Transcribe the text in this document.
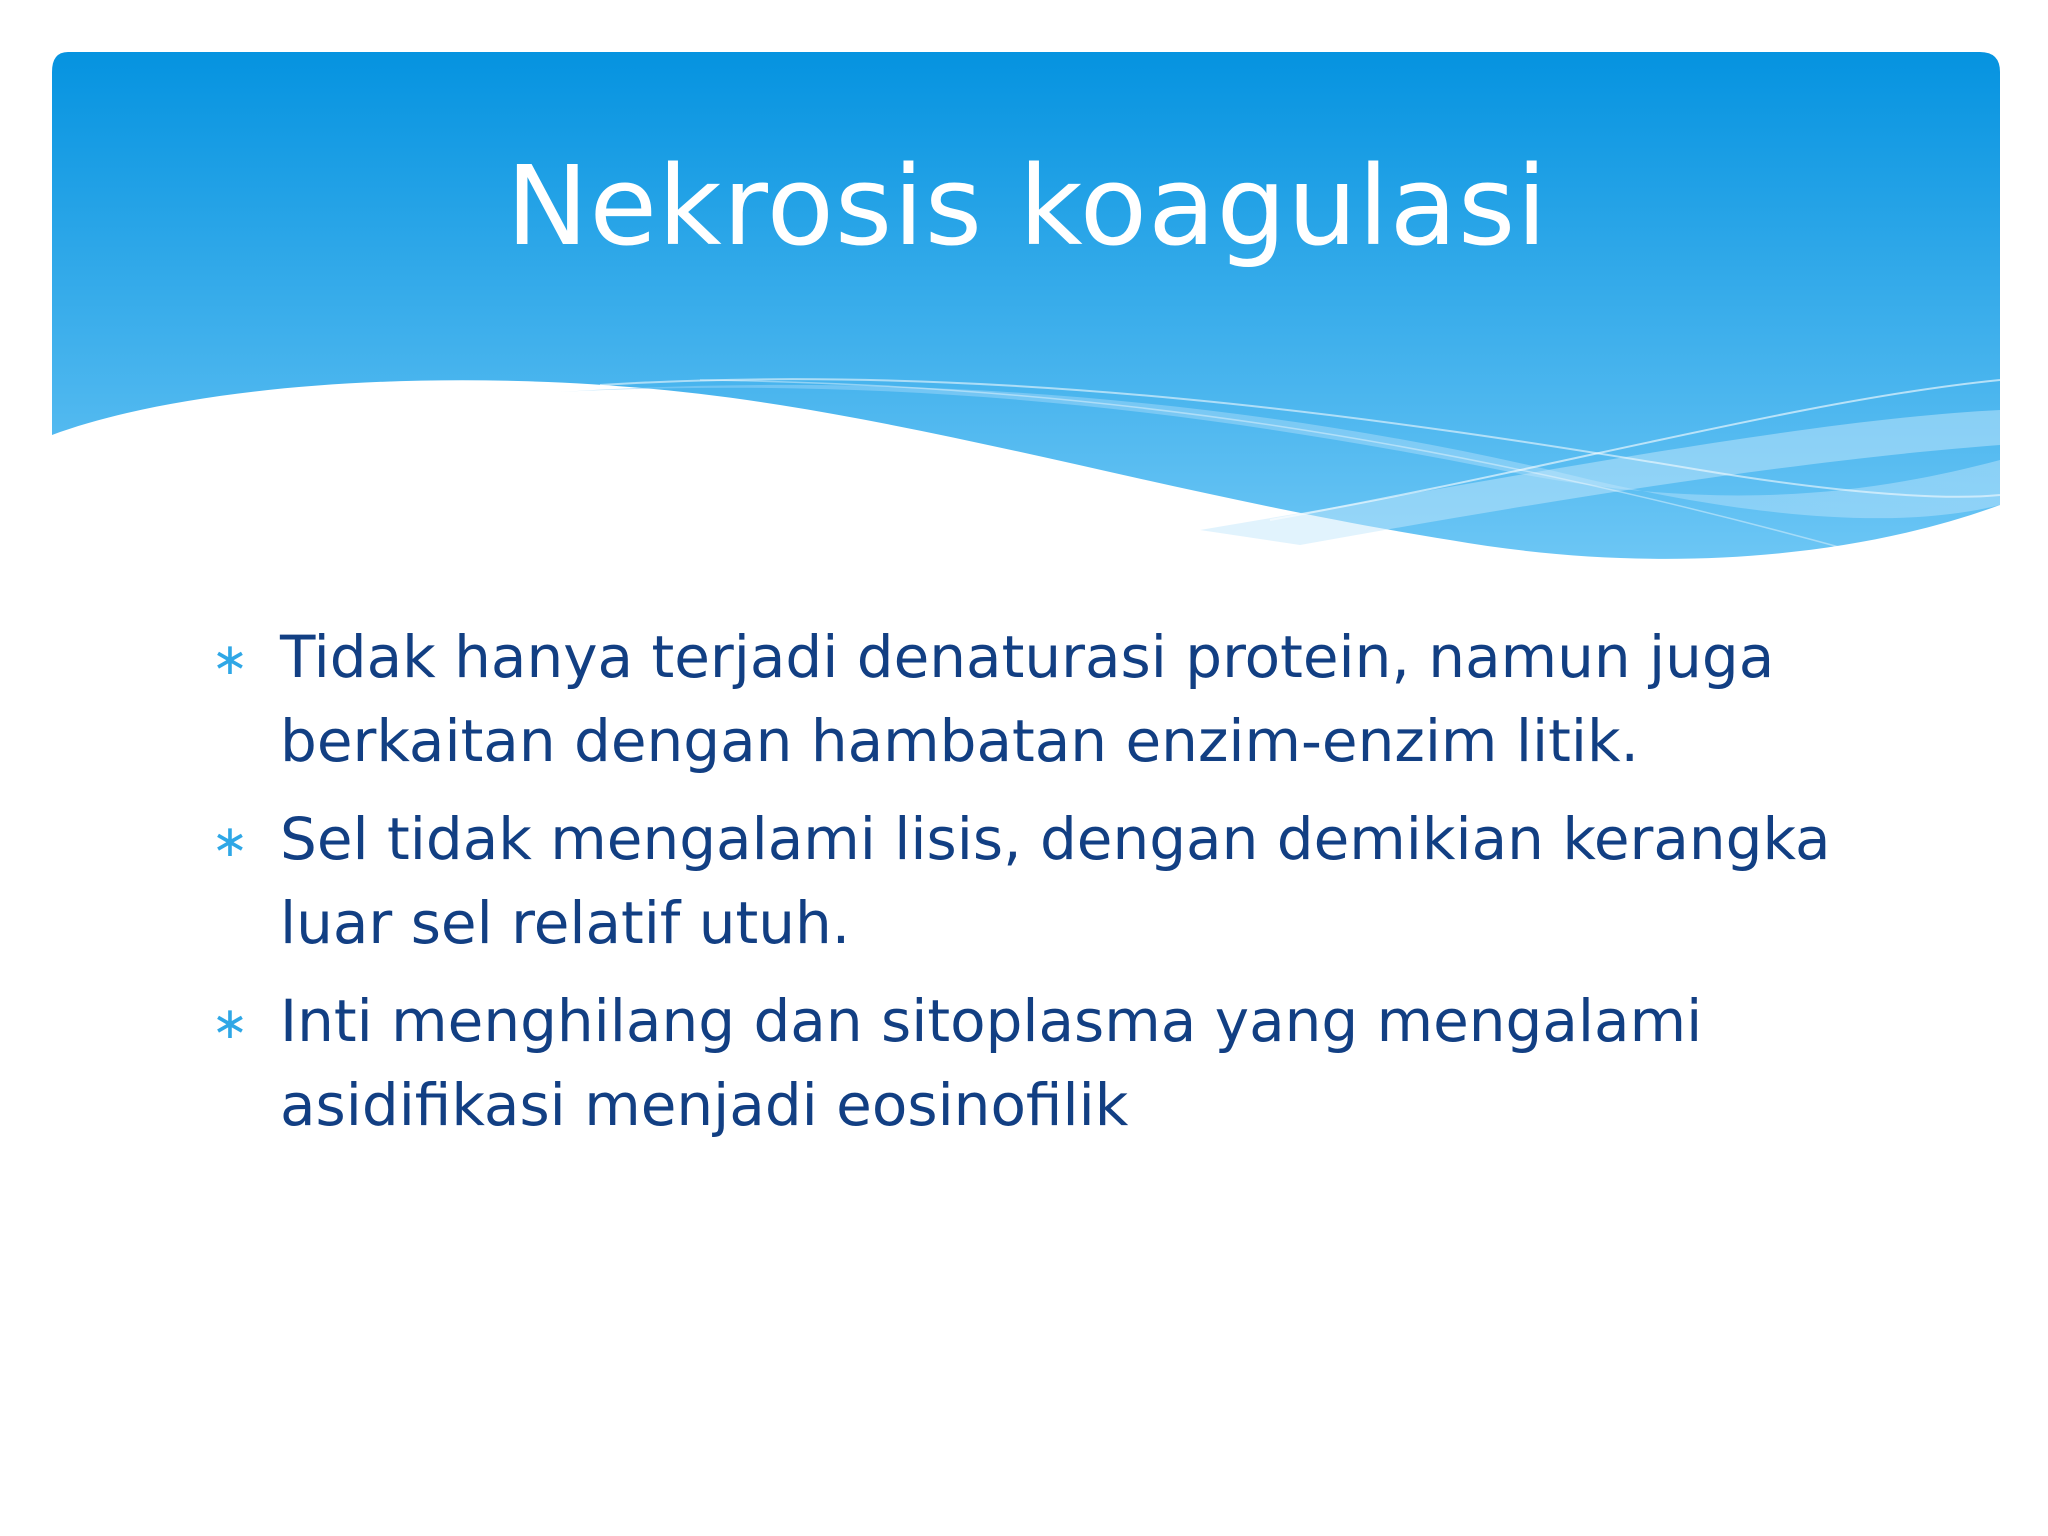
Nekrosis koagulasi
∗ Tidak hanya terjadi denaturasi protein, namun juga berkaitan dengan hambatan enzim-enzim litik.
∗ Sel tidak mengalami lisis, dengan demikian kerangka luar sel relatif utuh.
∗ Inti menghilang dan sitoplasma yang mengalami asidifikasi menjadi eosinofilik
